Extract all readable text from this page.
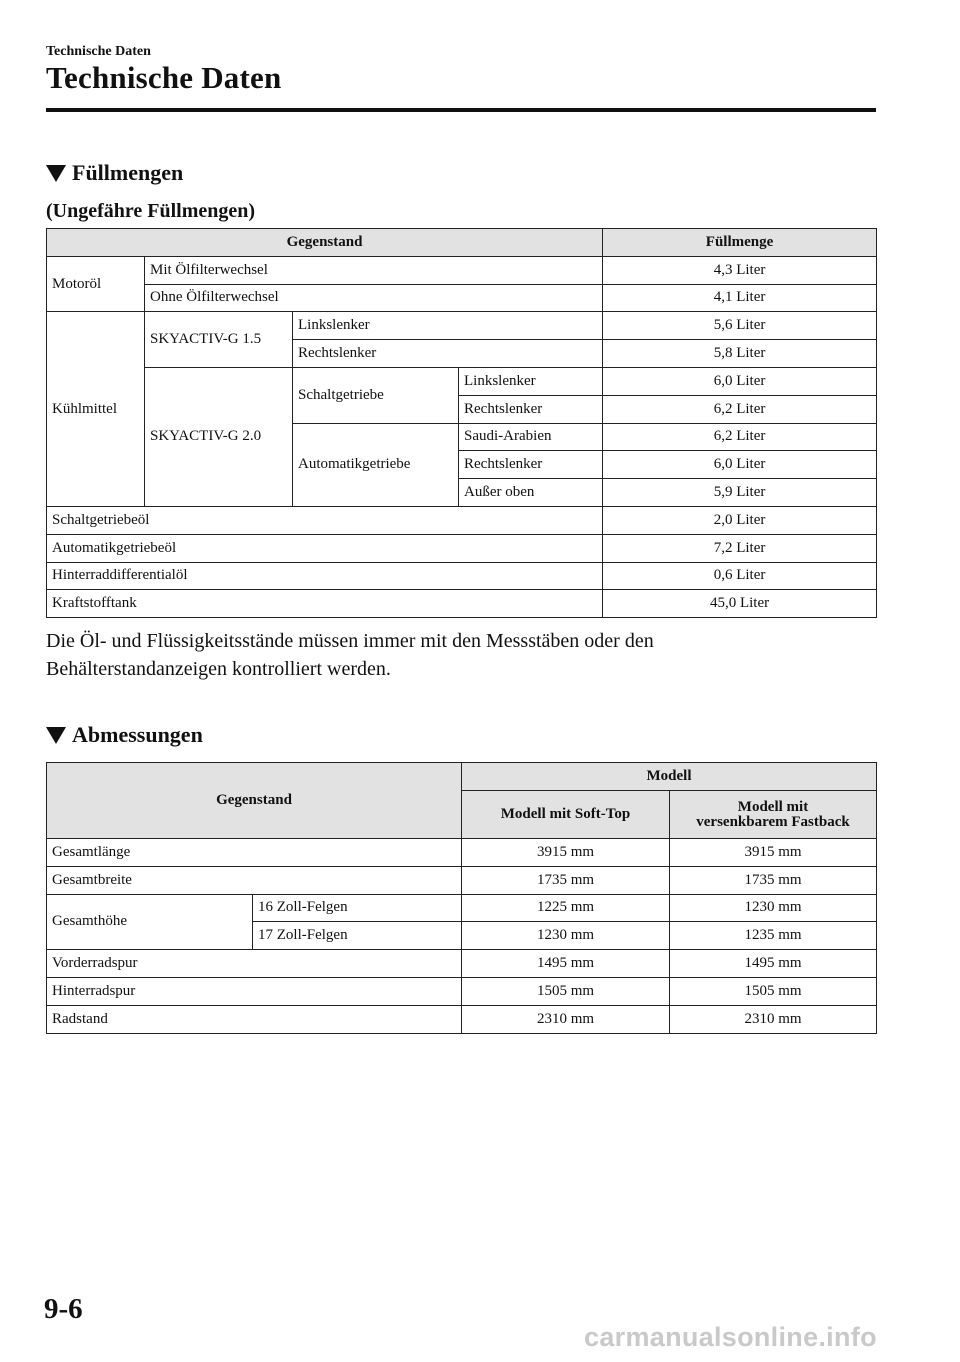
Technische Daten
Technische Daten
Füllmengen
(Ungefähre Füllmengen)
Gegenstand				Füllmenge
Motoröl	Mit Ölfilterwechsel			4,3 Liter
	Ohne Ölfilterwechsel			4,1 Liter
Kühlmittel	SKYACTIV-G 1.5	Linkslenker		5,6 Liter
		Rechtslenker		5,8 Liter
	SKYACTIV-G 2.0	Schaltgetriebe	Linkslenker	6,0 Liter
			Rechtslenker	6,2 Liter
		Automatikgetriebe	Saudi-Arabien	6,2 Liter
			Rechtslenker	6,0 Liter
			Außer oben	5,9 Liter
Schaltgetriebeöl				2,0 Liter
Automatikgetriebeöl				7,2 Liter
Hinterraddifferentialöl				0,6 Liter
Kraftstofftank				45,0 Liter
Die Öl- und Flüssigkeitsstände müssen immer mit den Messstäben oder den
Behälterstandanzeigen kontrolliert werden.
Abmessungen
Gegenstand		Modell	
		Modell mit Soft-Top	Modell mit
versenkbarem Fastback

Gesamtlänge		3915 mm	3915 mm
Gesamtbreite		1735 mm	1735 mm
Gesamthöhe	16 Zoll-Felgen	1225 mm	1230 mm
	17 Zoll-Felgen	1230 mm	1235 mm
Vorderradspur		1495 mm	1495 mm
Hinterradspur		1505 mm	1505 mm
Radstand		2310 mm	2310 mm
9-6
carmanualsonline.info
